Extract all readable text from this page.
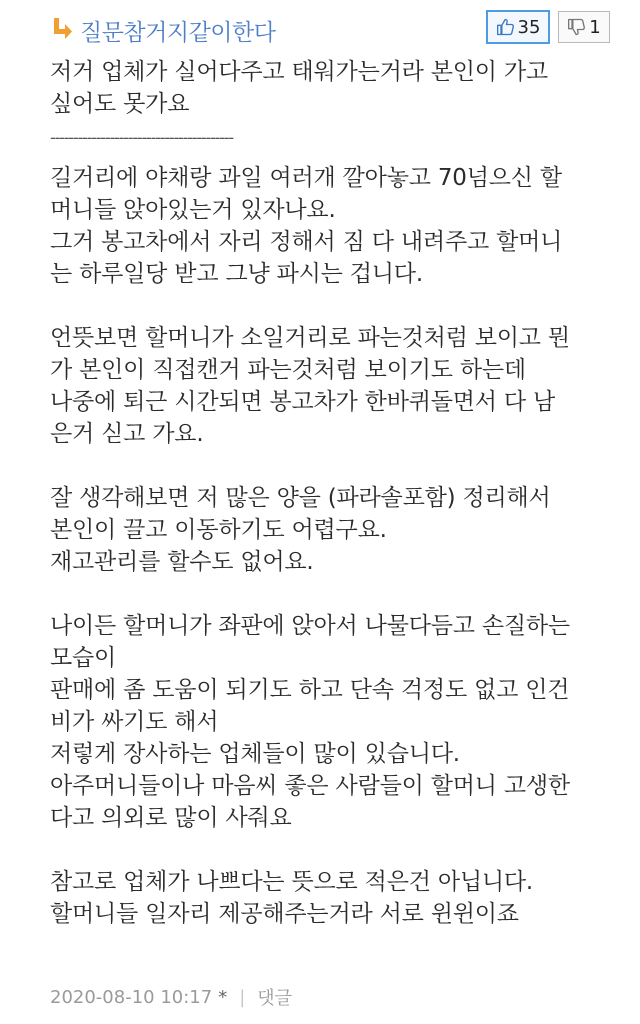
질문참거지같이한다	35	1
저거 업체가 실어다주고 태워가는거라 본인이 가고
싶어도 못가요
----------------------------------------
길거리에 야채랑 과일 여러개 깔아놓고 70넘으신 할
머니들 앉아있는거 있자나요.
그거 봉고차에서 자리 정해서 짐 다 내려주고 할머니
는 하루일당 받고 그냥 파시는 겁니다.
언뜻보면 할머니가 소일거리로 파는것처럼 보이고 뭔
가 본인이 직접캔거 파는것처럼 보이기도 하는데
나중에 퇴근 시간되면 봉고차가 한바퀴돌면서 다 남
은거 싣고 가요.
잘 생각해보면 저 많은 양을 (파라솔포함) 정리해서
본인이 끌고 이동하기도 어렵구요.
재고관리를 할수도 없어요.
나이든 할머니가 좌판에 앉아서 나물다듬고 손질하는
모습이
판매에 좀 도움이 되기도 하고 단속 걱정도 없고 인건
비가 싸기도 해서
저렇게 장사하는 업체들이 많이 있습니다.
아주머니들이나 마음씨 좋은 사람들이 할머니 고생한
다고 의외로 많이 사줘요
참고로 업체가 나쁘다는 뜻으로 적은건 아닙니다.
할머니들 일자리 제공해주는거라 서로 윈윈이죠
2020-08-10 10:17 * | 댓글
